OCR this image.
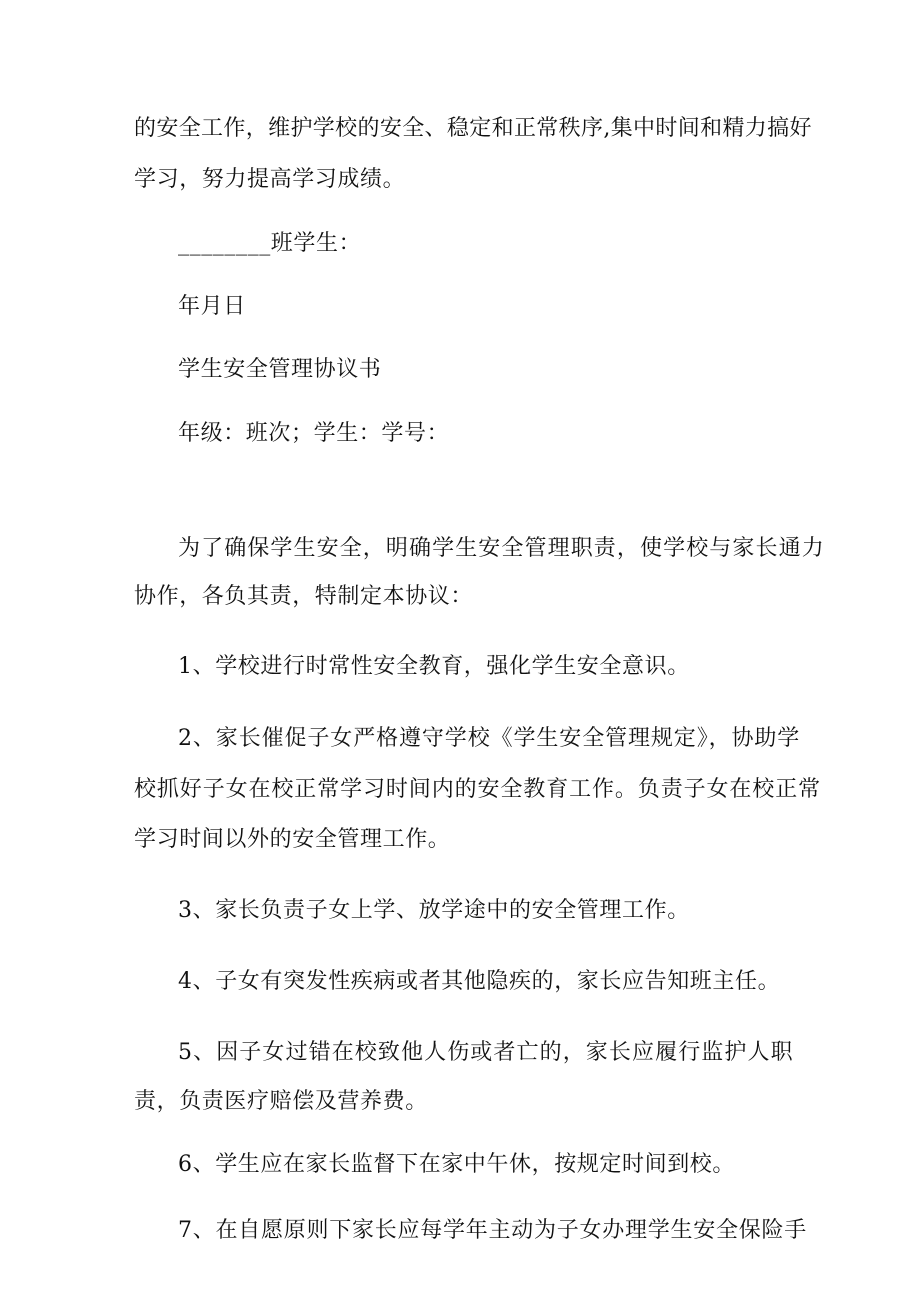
的安全工作，维护学校的安全、稳定和正常秩序,集中时间和精力搞好
学习，努力提高学习成绩。
________班学生：
年月日
学生安全管理协议书
年级：班次；学生：学号：
为了确保学生安全，明确学生安全管理职责，使学校与家长通力
协作，各负其责，特制定本协议：
1、学校进行时常性安全教育，强化学生安全意识。
2、家长催促子女严格遵守学校《学生安全管理规定》，协助学
校抓好子女在校正常学习时间内的安全教育工作。负责子女在校正常
学习时间以外的安全管理工作。
3、家长负责子女上学、放学途中的安全管理工作。
4、子女有突发性疾病或者其他隐疾的，家长应告知班主任。
5、因子女过错在校致他人伤或者亡的，家长应履行监护人职
责，负责医疗赔偿及营养费。
6、学生应在家长监督下在家中午休，按规定时间到校。
7、在自愿原则下家长应每学年主动为子女办理学生安全保险手
